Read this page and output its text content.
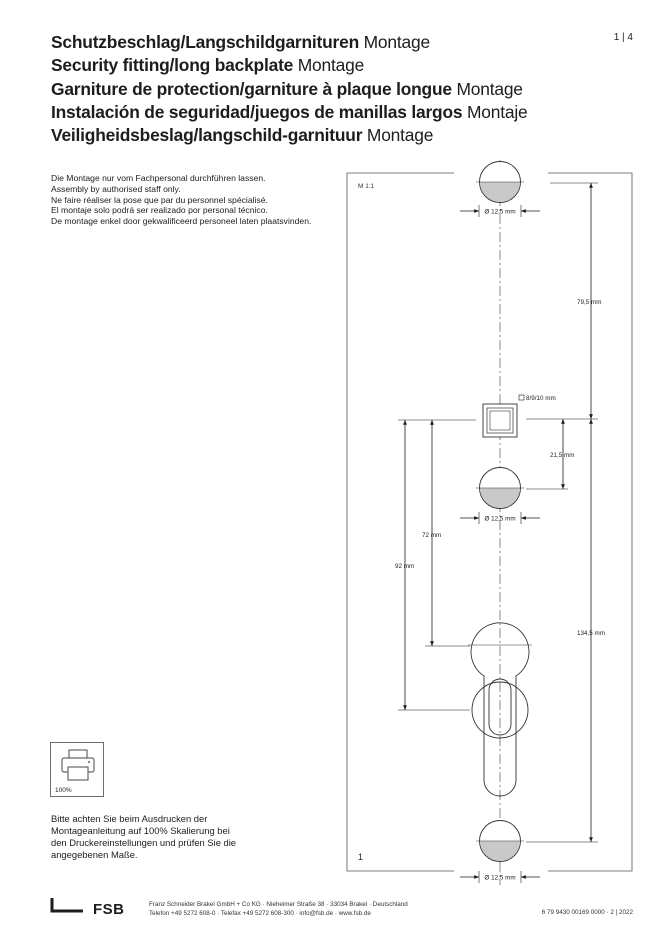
1 | 4
Schutzbeschlag/Langschildgarnituren Montage
Security fitting/long backplate Montage
Garniture de protection/garniture à plaque longue Montage
Instalación de seguridad/juegos de manillas largos Montaje
Veiligheidsbeslag/langschild-garnituur Montage
Die Montage nur vom Fachpersonal durchführen lassen.
Assembly by authorised staff only.
Ne faire réaliser la pose que par du personnel spécialisé.
El montaje solo podrá ser realizado por personal técnico.
De montage enkel door gekwalificeerd personeel laten plaatsvinden.
M 1:1
1
Ø 12,5 mm
8/9/10 mm
Ø 12,5 mm
Ø 12,5 mm
79,5 mm
21,5 mm
134,5 mm
72 mm
92 mm
100%
Bitte achten Sie beim Ausdrucken der
Montageanleitung auf 100% Skalierung bei
den Druckereinstellungen und prüfen Sie die
angegebenen Maße.
FSB	Franz Schneider Brakel GmbH + Co KG · Nieheimer Straße 38 · 33034 Brakel · Deutschland
Telefon +49 5272 608-0 · Telefax +49 5272 608-300 · info@fsb.de · www.fsb.de	6 79 9430 00169 0000 · 2 | 2022
